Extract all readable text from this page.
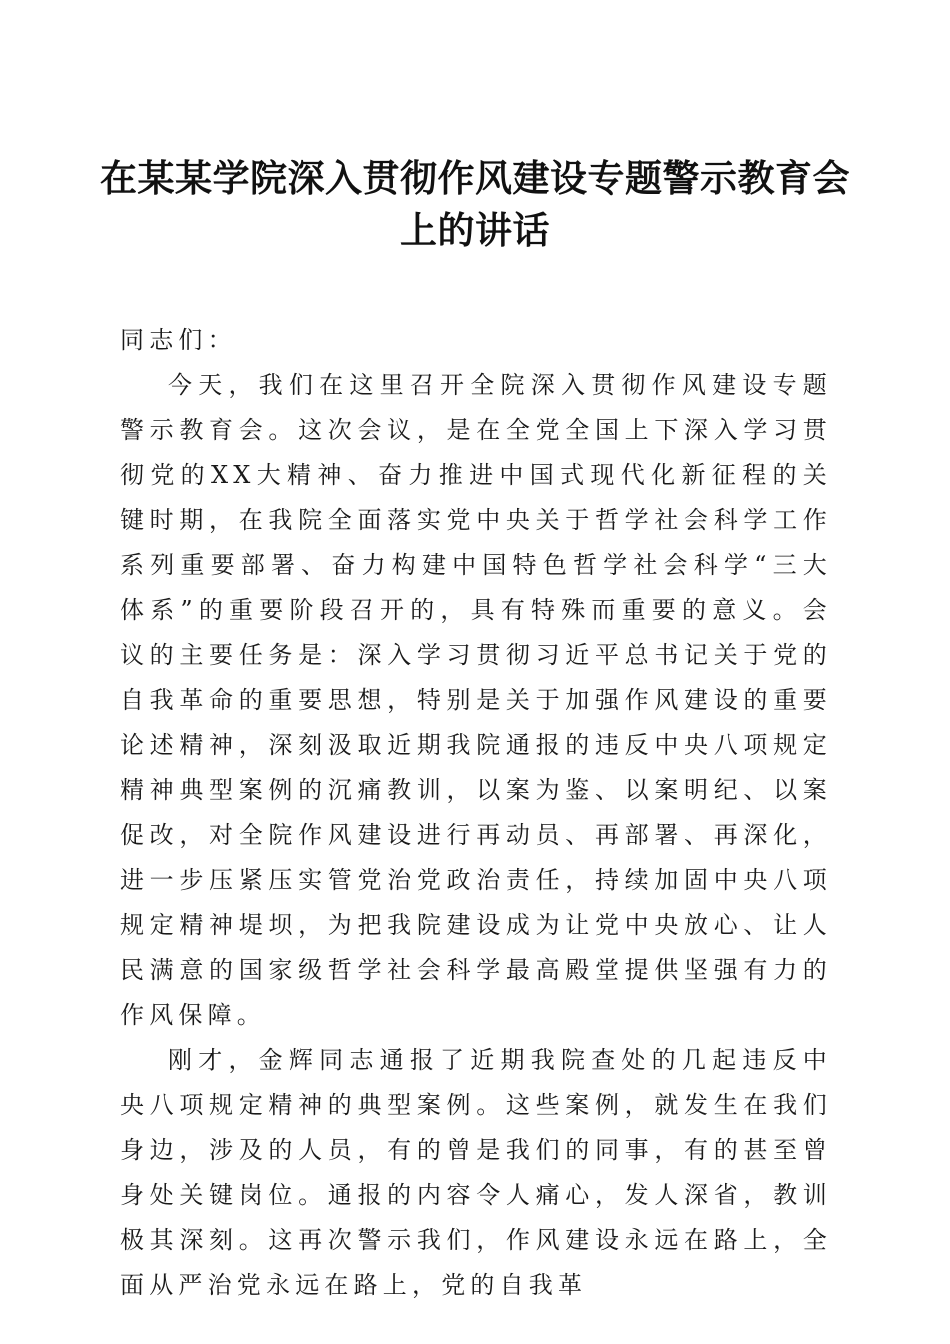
在某某学院深入贯彻作风建设专题警示教育会上的讲话

同志们：

今天，我们在这里召开全院深入贯彻作风建设专题警示教育会。这次会议，是在全党全国上下深入学习贯彻党的XX大精神、奋力推进中国式现代化新征程的关键时期，在我院全面落实党中央关于哲学社会科学工作系列重要部署、奋力构建中国特色哲学社会科学“三大体系”的重要阶段召开的，具有特殊而重要的意义。会议的主要任务是：深入学习贯彻习近平总书记关于党的自我革命的重要思想，特别是关于加强作风建设的重要论述精神，深刻汲取近期我院通报的违反中央八项规定精神典型案例的沉痛教训，以案为鉴、以案明纪、以案促改，对全院作风建设进行再动员、再部署、再深化，进一步压紧压实管党治党政治责任，持续加固中央八项规定精神堤坝，为把我院建设成为让党中央放心、让人民满意的国家级哲学社会科学最高殿堂提供坚强有力的作风保障。

刚才，金辉同志通报了近期我院查处的几起违反中央八项规定精神的典型案例。这些案例，就发生在我们身边，涉及的人员，有的曾是我们的同事，有的甚至曾身处关键岗位。通报的内容令人痛心，发人深省，教训极其深刻。这再次警示我们，作风建设永远在路上，全面从严治党永远在路上，党的自我革
